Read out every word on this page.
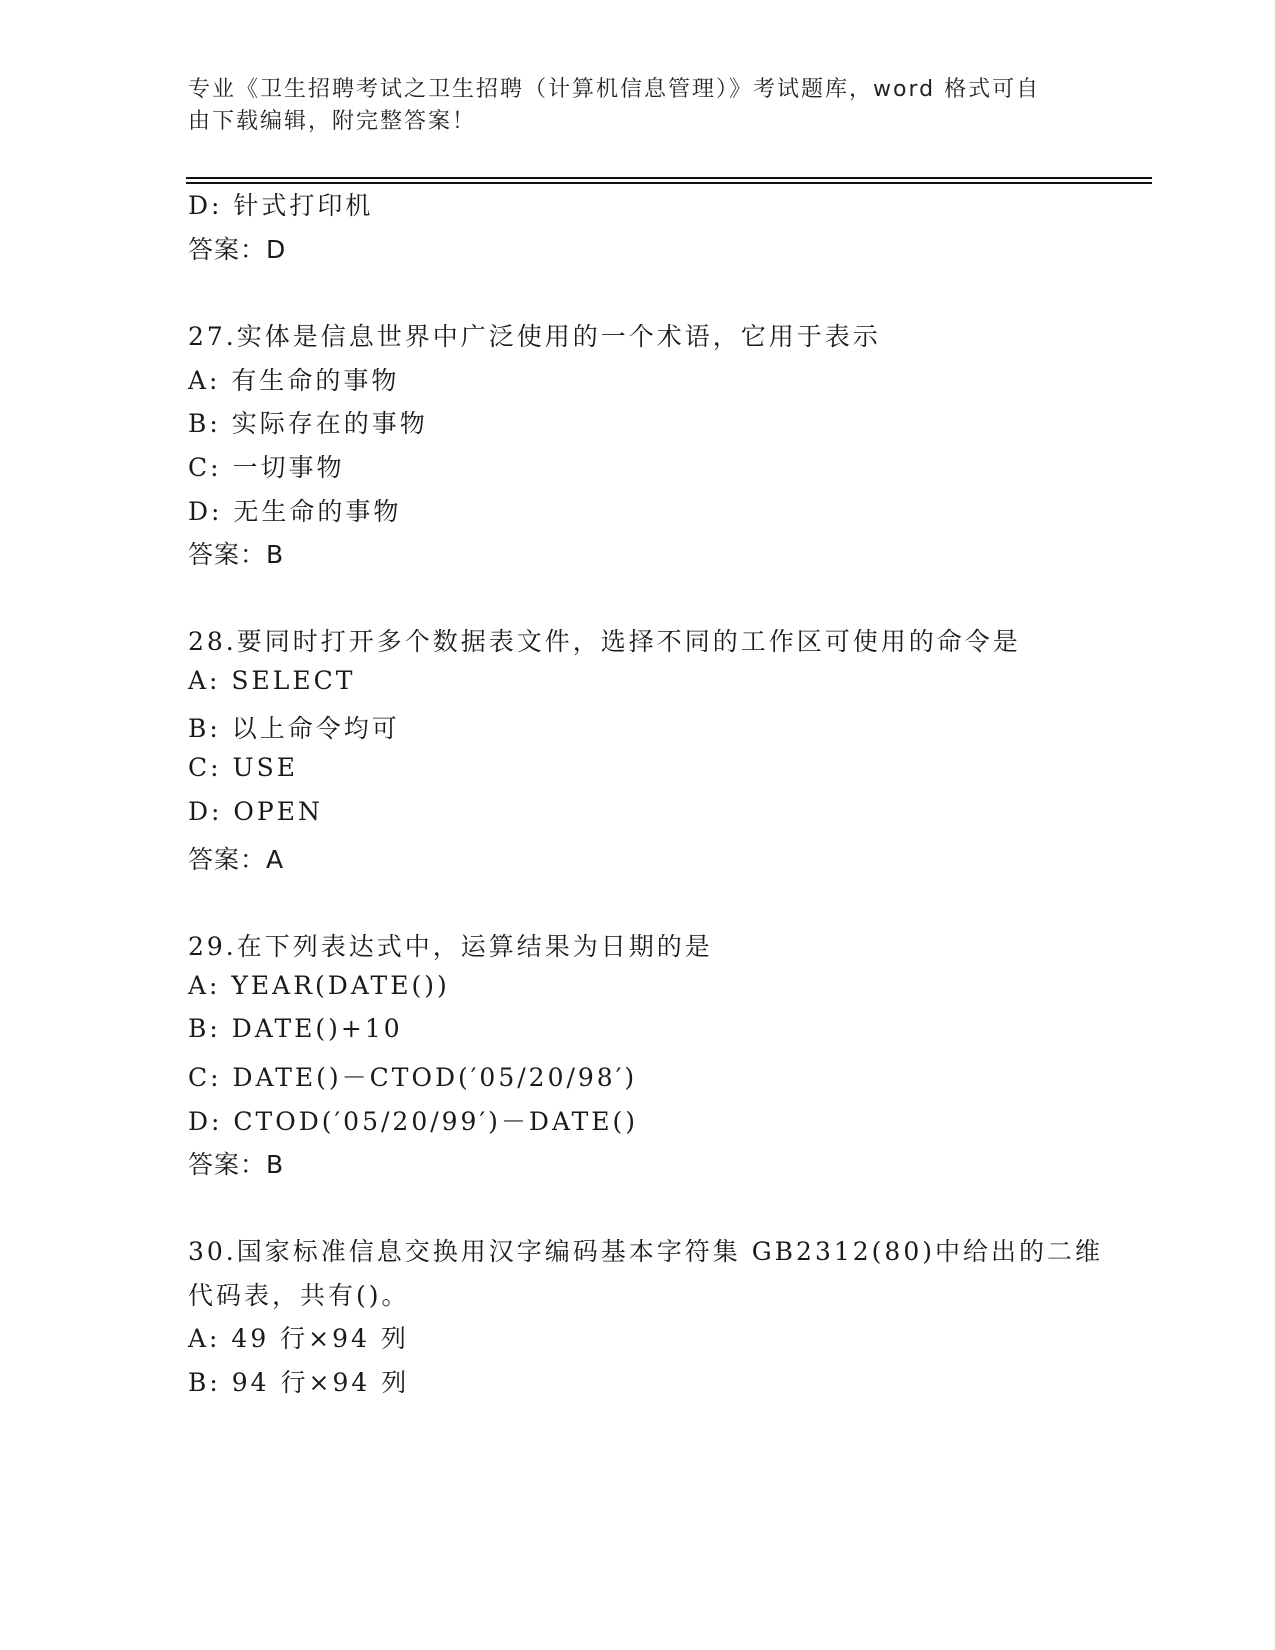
专业《卫生招聘考试之卫生招聘（计算机信息管理）》考试题库，word 格式可自
由下载编辑，附完整答案！
D: 针式打印机
答案：D
27.实体是信息世界中广泛使用的一个术语，它用于表示
A: 有生命的事物
B: 实际存在的事物
C: 一切事物
D: 无生命的事物
答案：B
28.要同时打开多个数据表文件，选择不同的工作区可使用的命令是
A: SELECT
B: 以上命令均可
C: USE
D: OPEN
答案：A
29.在下列表达式中，运算结果为日期的是
A: YEAR(DATE())
B: DATE()+10
C: DATE()－CTOD(′05/20/98′)
D: CTOD(′05/20/99′)－DATE()
答案：B
30.国家标准信息交换用汉字编码基本字符集 GB2312(80)中给出的二维
代码表，共有()。
A: 49 行×94 列
B: 94 行×94 列
